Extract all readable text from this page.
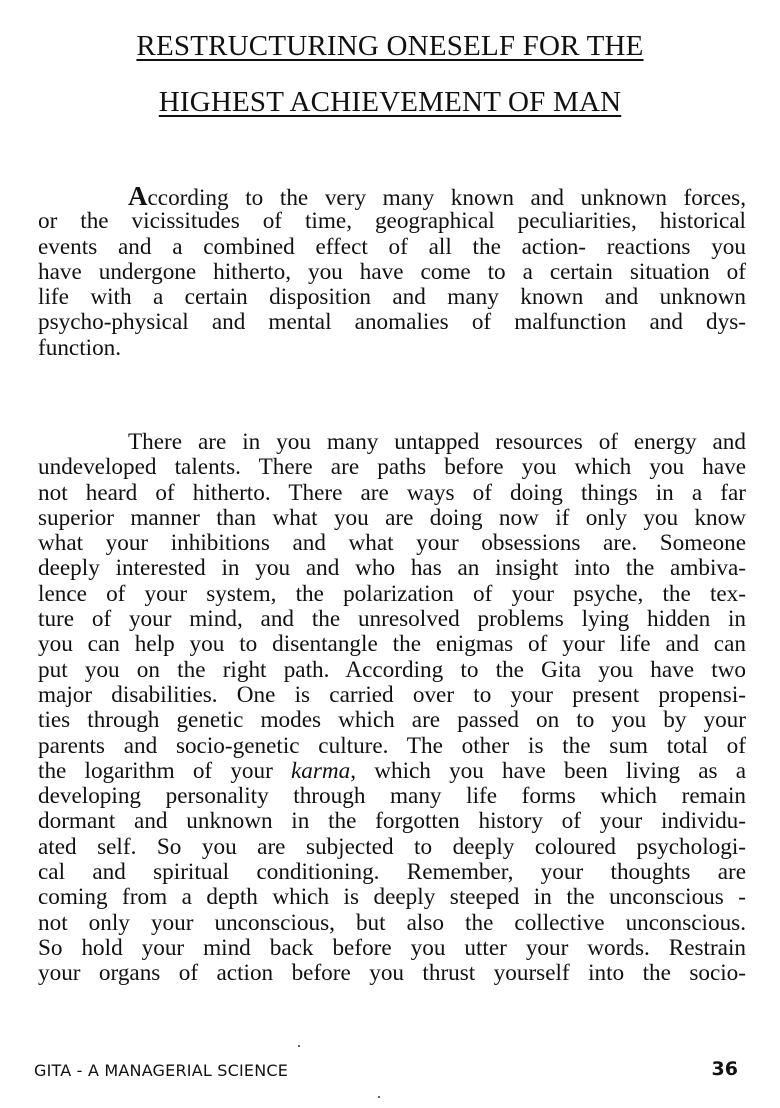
RESTRUCTURING ONESELF FOR THE
HIGHEST ACHIEVEMENT OF MAN
According to the very many known and unknown forces,
or the vicissitudes of time, geographical peculiarities, historical
events and a combined effect of all the action- reactions you
have undergone hitherto, you have come to a certain situation of
life with a certain disposition and many known and unknown
psycho-physical and mental anomalies of malfunction and dys-
function.
There are in you many untapped resources of energy and
undeveloped talents. There are paths before you which you have
not heard of hitherto. There are ways of doing things in a far
superior manner than what you are doing now if only you know
what your inhibitions and what your obsessions are. Someone
deeply interested in you and who has an insight into the ambiva-
lence of your system, the polarization of your psyche, the tex-
ture of your mind, and the unresolved problems lying hidden in
you can help you to disentangle the enigmas of your life and can
put you on the right path. According to the Gita you have two
major disabilities. One is carried over to your present propensi-
ties through genetic modes which are passed on to you by your
parents and socio-genetic culture. The other is the sum total of
the logarithm of your karma, which you have been living as a
developing personality through many life forms which remain
dormant and unknown in the forgotten history of your individu-
ated self. So you are subjected to deeply coloured psychologi-
cal and spiritual conditioning. Remember, your thoughts are
coming from a depth which is deeply steeped in the unconscious -
not only your unconscious, but also the collective unconscious.
So hold your mind back before you utter your words. Restrain
your organs of action before you thrust yourself into the socio-
GITA - A MANAGERIAL SCIENCE	36
